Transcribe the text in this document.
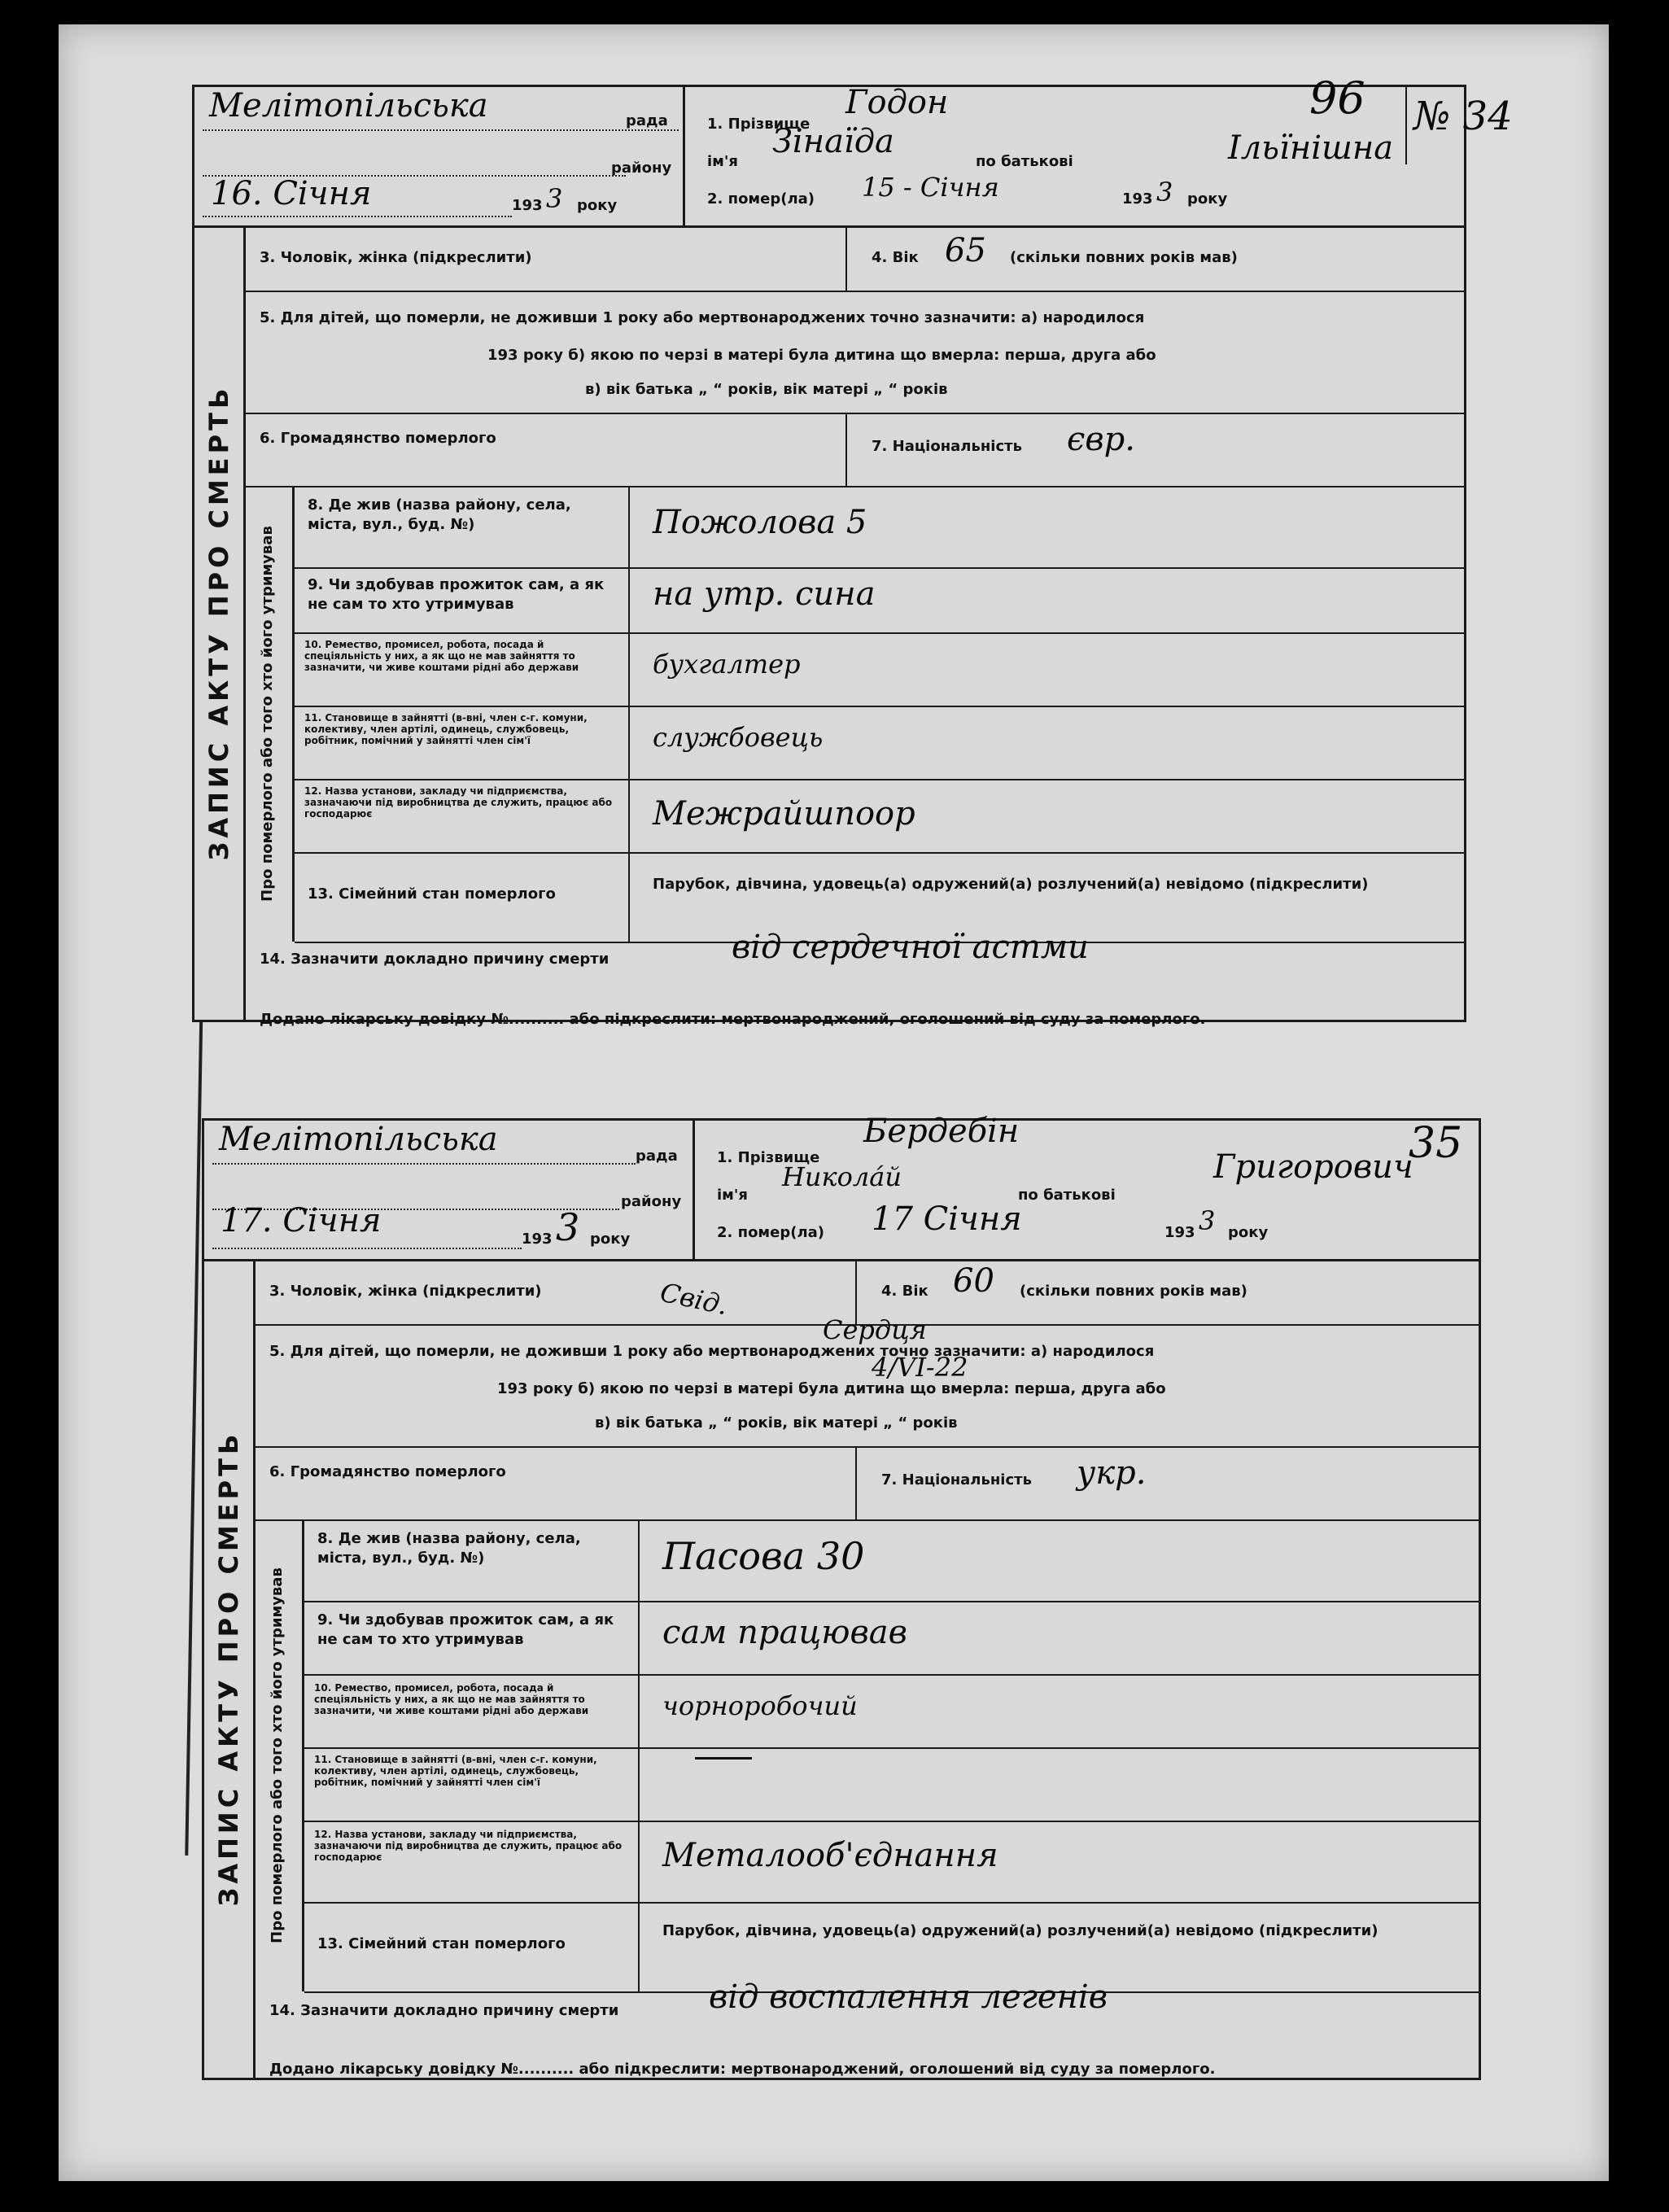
Мелітопільська	рада
району
16. Січня	193 3 року
1. Прізвище
Годон
ім'я
Зінаїда
по батькові	Ільїнішна
96 № 34
2. помер(ла) 15 - Січня	193 3 року
ЗАПИС АКТУ ПРО СМЕРТЬ
3. Чоловік, жінка (підкреслити)	4. Вік 65 (скільки повних років мав)
5. Для дітей, що померли, не доживши 1 року або мертвонароджених точно зазначити: а) народилося
193 року б) якою по черзі в матері була дитина що вмерла: перша, друга або
в) вік батька „ “ років, вік матері „ “ років
6. Громадянство померлого	7. Національність євр.
Про померлого або того хто його утримував
8. Де жив (назва району, села, міста, вул., буд. №)	Пожолова 5
9. Чи здобував прожиток сам, а як не сам то хто утримував	на утр. сина
10. Ремество, промисел, робота, посада й спеціяльність у них, а як що не мав зайняття то зазначити, чи живе коштами рідні або держави	бухгалтер
11. Становище в зайнятті (в-вні, член с-г. комуни, колективу, член артілі, одинець, службовець, робітник, помічний у зайнятті член сім'ї	службовець
12. Назва установи, закладу чи підприємства, зазначаючи під виробництва де служить, працює або господарює	Межрайшпоор
13. Сімейний стан померлого
Парубок, дівчина, удовець(а) одружений(а) розлучений(а) невідомо (підкреслити)
14. Зазначити докладно причину смерти	від сердечної астми
Додано лікарську довідку №.......... або підкреслити: мертвонароджений, оголошений від суду за померлого.
Мелітопільська	рада
району
17. Січня	193 3 року
1. Прізвище
Бердебін
ім'я
Никола́й
по батькові
Григорович
35
2. помер(ла) 17 Січня	193 3 року
ЗАПИС АКТУ ПРО СМЕРТЬ
3. Чоловік, жінка (підкреслити)	Свід.	4. Вік 60 (скільки повних років мав)
5. Для дітей, що померли, не доживши 1 року або мертвонароджених точно зазначити: а) народилося
193 року б) якою по черзі в матері була дитина що вмерла: перша, друга або
в) вік батька „ “ років, вік матері „ “ років
Сердця
4/VI-22
6. Громадянство померлого	7. Національність укр.
Про померлого або того хто його утримував
8. Де жив (назва району, села, міста, вул., буд. №)	Пасова 30
9. Чи здобував прожиток сам, а як не сам то хто утримував	сам працював
10. Ремество, промисел, робота, посада й спеціяльність у них, а як що не мав зайняття то зазначити, чи живе коштами рідні або держави	чорноробочий
11. Становище в зайнятті (в-вні, член с-г. комуни, колективу, член артілі, одинець, службовець, робітник, помічний у зайнятті член сім'ї
12. Назва установи, закладу чи підприємства, зазначаючи під виробництва де служить, працює або господарює	Металооб'єднання
13. Сімейний стан померлого
Парубок, дівчина, удовець(а) одружений(а) розлучений(а) невідомо (підкреслити)
14. Зазначити докладно причину смерти	від воспалення легенів
Додано лікарську довідку №.......... або підкреслити: мертвонароджений, оголошений від суду за померлого.
